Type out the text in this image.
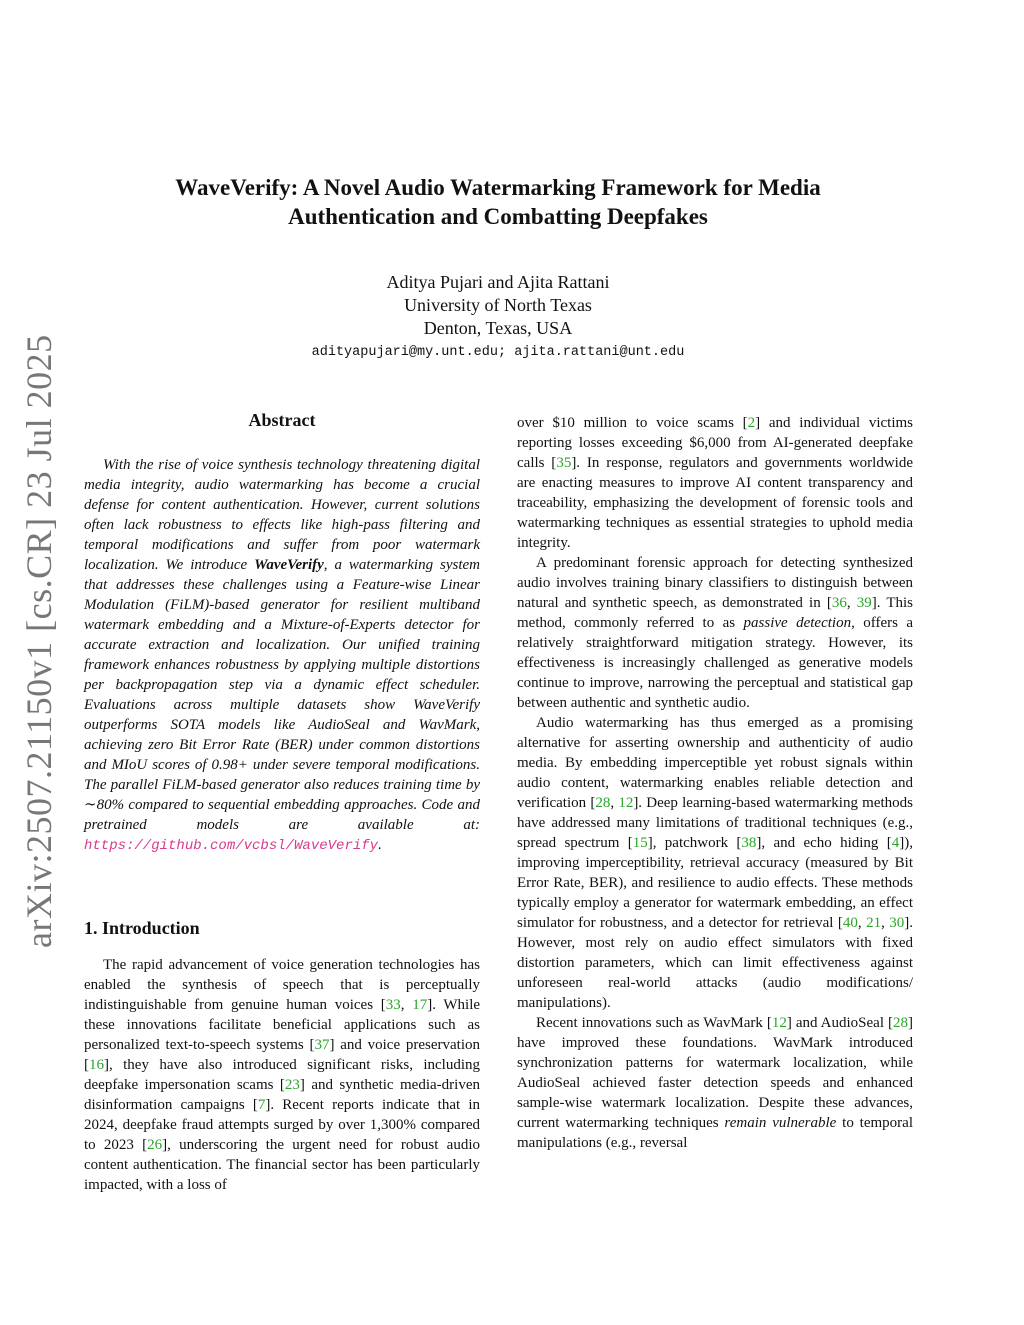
arXiv:2507.21150v1 [cs.CR] 23 Jul 2025
WaveVerify: A Novel Audio Watermarking Framework for Media
Authentication and Combatting Deepfakes
Aditya Pujari and Ajita Rattani
University of North Texas
Denton, Texas, USA
adityapujari@my.unt.edu; ajita.rattani@unt.edu
Abstract

With the rise of voice synthesis technology threatening digital media integrity, audio watermarking has become a crucial defense for content authentication. However, current solutions often lack robustness to effects like high-pass filtering and temporal modifications and suffer from poor watermark localization. We introduce WaveVerify, a watermarking system that addresses these challenges using a Feature-wise Linear Modulation (FiLM)-based generator for resilient multiband watermark embedding and a Mixture-of-Experts detector for accurate extraction and localization. Our unified training framework enhances robustness by applying multiple distortions per backpropagation step via a dynamic effect scheduler. Evaluations across multiple datasets show WaveVerify outperforms SOTA models like AudioSeal and WavMark, achieving zero Bit Error Rate (BER) under common distortions and MIoU scores of 0.98+ under severe temporal modifications. The parallel FiLM-based generator also reduces training time by ∼80% compared to sequential embedding approaches. Code and pretrained models are available at: https://github.com/vcbsl/WaveVerify.

1. Introduction

The rapid advancement of voice generation technologies has enabled the synthesis of speech that is perceptually indistinguishable from genuine human voices [33, 17]. While these innovations facilitate beneficial applications such as personalized text-to-speech systems [37] and voice preservation [16], they have also introduced significant risks, including deepfake impersonation scams [23] and synthetic media-driven disinformation campaigns [7]. Recent reports indicate that in 2024, deepfake fraud attempts surged by over 1,300% compared to 2023 [26], underscoring the urgent need for robust audio content authentication. The financial sector has been particularly impacted, with a loss of

over $10 million to voice scams [2] and individual victims reporting losses exceeding $6,000 from AI-generated deepfake calls [35]. In response, regulators and governments worldwide are enacting measures to improve AI content transparency and traceability, emphasizing the development of forensic tools and watermarking techniques as essential strategies to uphold media integrity.

A predominant forensic approach for detecting synthesized audio involves training binary classifiers to distinguish between natural and synthetic speech, as demonstrated in [36, 39]. This method, commonly referred to as passive detection, offers a relatively straightforward mitigation strategy. However, its effectiveness is increasingly challenged as generative models continue to improve, narrowing the perceptual and statistical gap between authentic and synthetic audio.

Audio watermarking has thus emerged as a promising alternative for asserting ownership and authenticity of audio media. By embedding imperceptible yet robust signals within audio content, watermarking enables reliable detection and verification [28, 12]. Deep learning-based watermarking methods have addressed many limitations of traditional techniques (e.g., spread spectrum [15], patchwork [38], and echo hiding [4]), improving imperceptibility, retrieval accuracy (measured by Bit Error Rate, BER), and resilience to audio effects. These methods typically employ a generator for watermark embedding, an effect simulator for robustness, and a detector for retrieval [40, 21, 30]. However, most rely on audio effect simulators with fixed distortion parameters, which can limit effectiveness against unforeseen real-world attacks (audio modifications/ manipulations).

Recent innovations such as WavMark [12] and AudioSeal [28] have improved these foundations. WavMark introduced synchronization patterns for watermark localization, while AudioSeal achieved faster detection speeds and enhanced sample-wise watermark localization. Despite these advances, current watermarking techniques remain vulnerable to temporal manipulations (e.g., reversal
